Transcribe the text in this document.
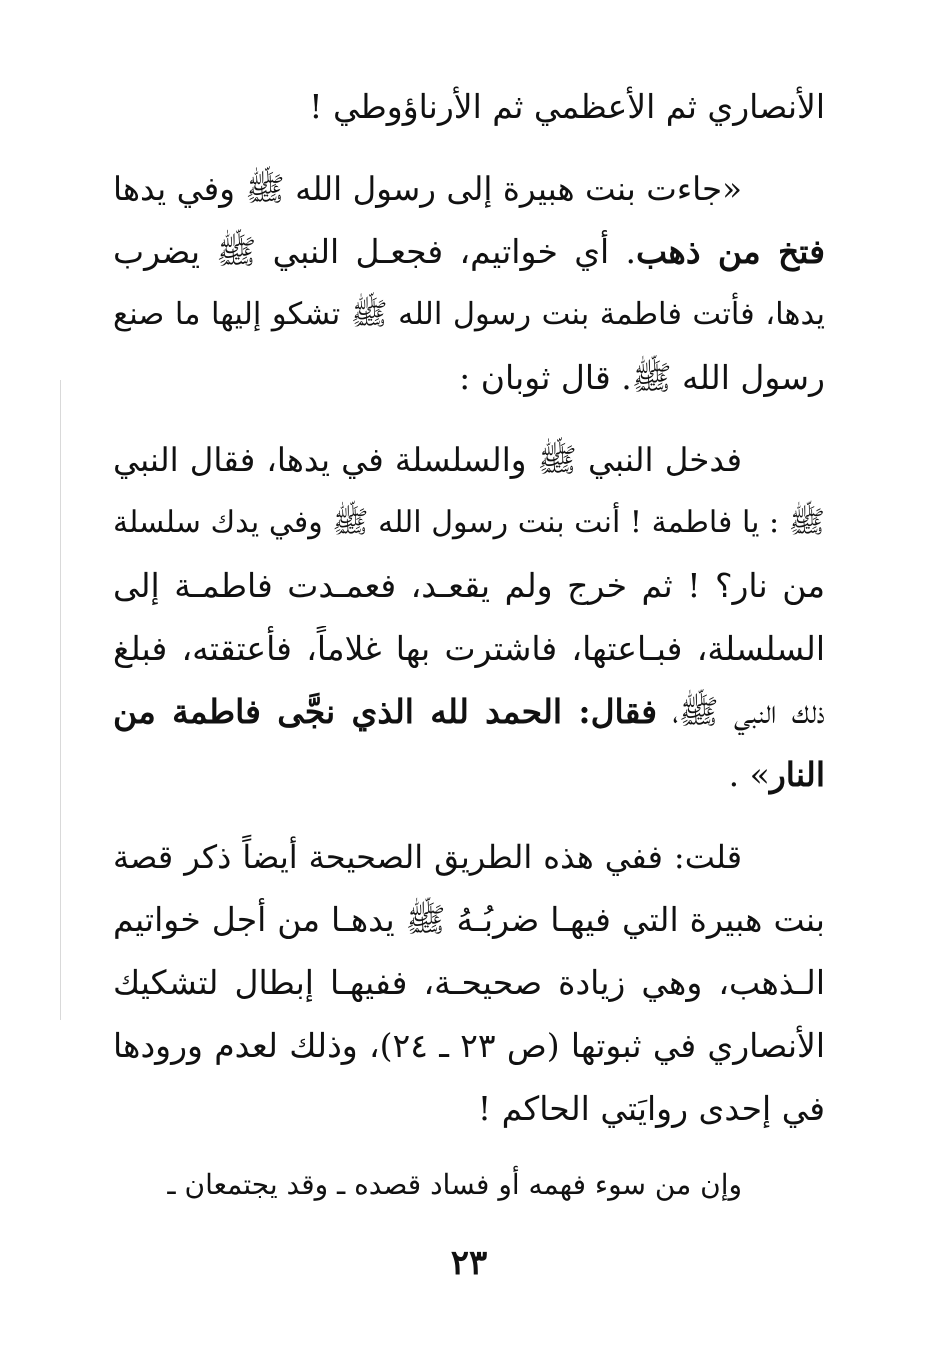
الأنصاري ثم الأعظمي ثم الأرناؤوطي !
«جاءت بنت هبيرة إلى رسول الله ﷺ وفي يدها
فتخ من ذهب. أي خواتيم، فجعـل النبي ﷺ يضرب
يدها، فأتت فاطمة بنت رسول الله ﷺ تشكو إليها ما صنع
رسول الله ﷺ. قال ثوبان :
فدخل النبي ﷺ والسلسلة في يدها، فقال النبي
ﷺ : يا فاطمة ! أنت بنت رسول الله ﷺ وفي يدك سلسلة
من نار؟ ! ثم خرج ولم يقعـد، فعمـدت فاطمـة إلى
السلسلة، فبـاعتها، فاشترت بها غلاماً، فأعتقته، فبلغ
ذلك النبي ﷺ، فقال: الحمد لله الذي نجَّى فاطمة من
النار» .
قلت: ففي هذه الطريق الصحيحة أيضاً ذكر قصة
بنت هبيرة التي فيهـا ضربُـهُ ﷺ يدهـا من أجل خواتيم
الـذهب، وهي زيادة صحيحـة، ففيهـا إبطال لتشكيك
الأنصاري في ثبوتها (ص ٢٣ ـ ٢٤)، وذلك لعدم ورودها
في إحدى روايَتي الحاكم !
وإن من سوء فهمه أو فساد قصده ـ وقد يجتمعان ـ
٢٣
